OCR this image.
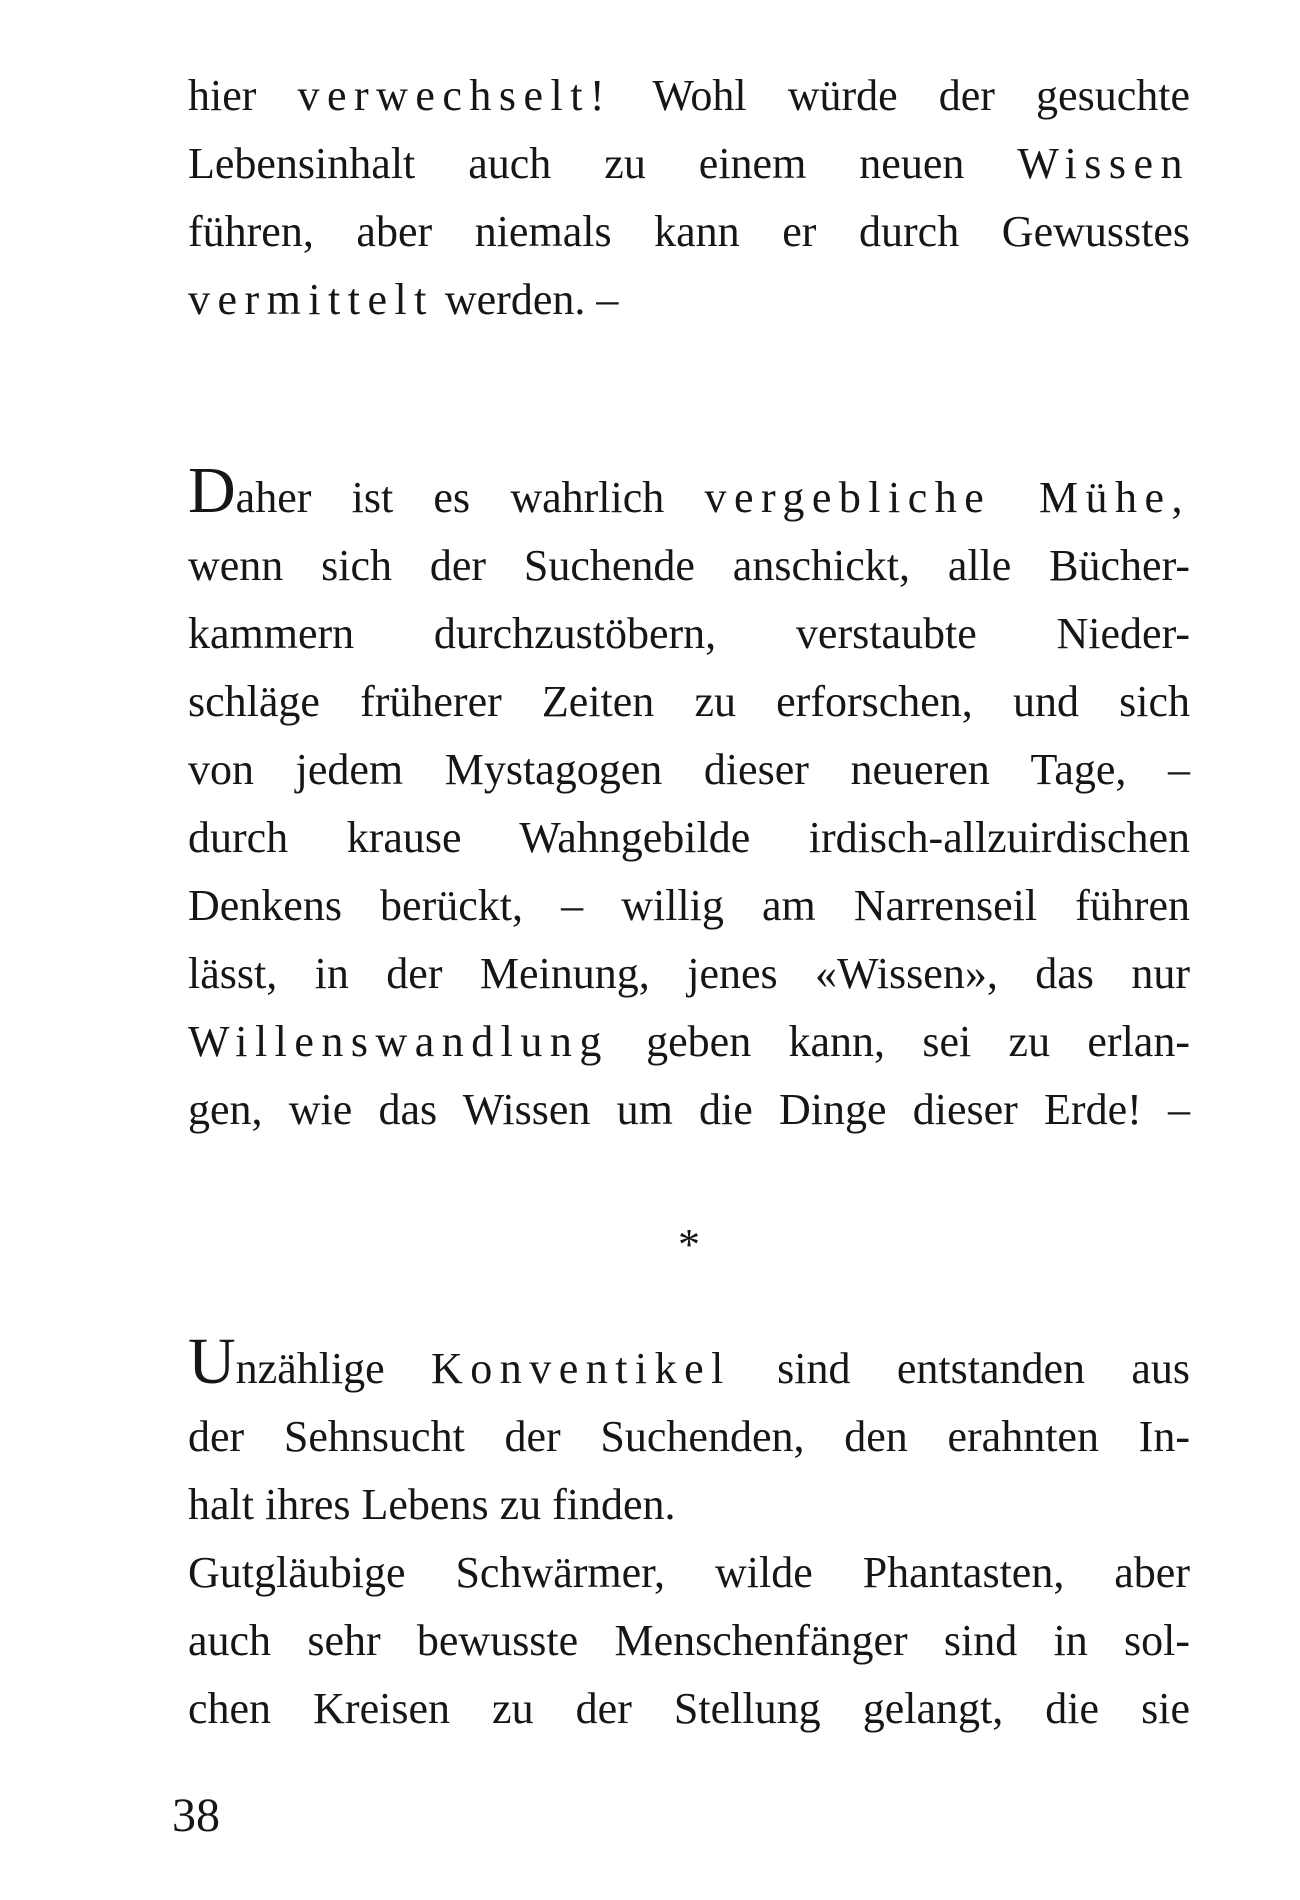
hier verwechselt! Wohl würde der gesuchte
Lebensinhalt auch zu einem neuen Wissen
führen, aber niemals kann er durch Gewusstes
vermittelt werden. –
Daher ist es wahrlich vergebliche Mühe,
wenn sich der Suchende anschickt, alle Bücher-
kammern durchzustöbern, verstaubte Nieder-
schläge früherer Zeiten zu erforschen, und sich
von jedem Mystagogen dieser neueren Tage, –
durch krause Wahngebilde irdisch-allzuirdischen
Denkens berückt, – willig am Narrenseil führen
lässt, in der Meinung, jenes «Wissen», das nur
Willenswandlung geben kann, sei zu erlan-
gen, wie das Wissen um die Dinge dieser Erde! –
Unzählige Konventikel sind entstanden aus
der Sehnsucht der Suchenden, den erahnten In-
halt ihres Lebens zu finden.
Gutgläubige Schwärmer, wilde Phantasten, aber
auch sehr bewusste Menschenfänger sind in sol-
chen Kreisen zu der Stellung gelangt, die sie
*
38
